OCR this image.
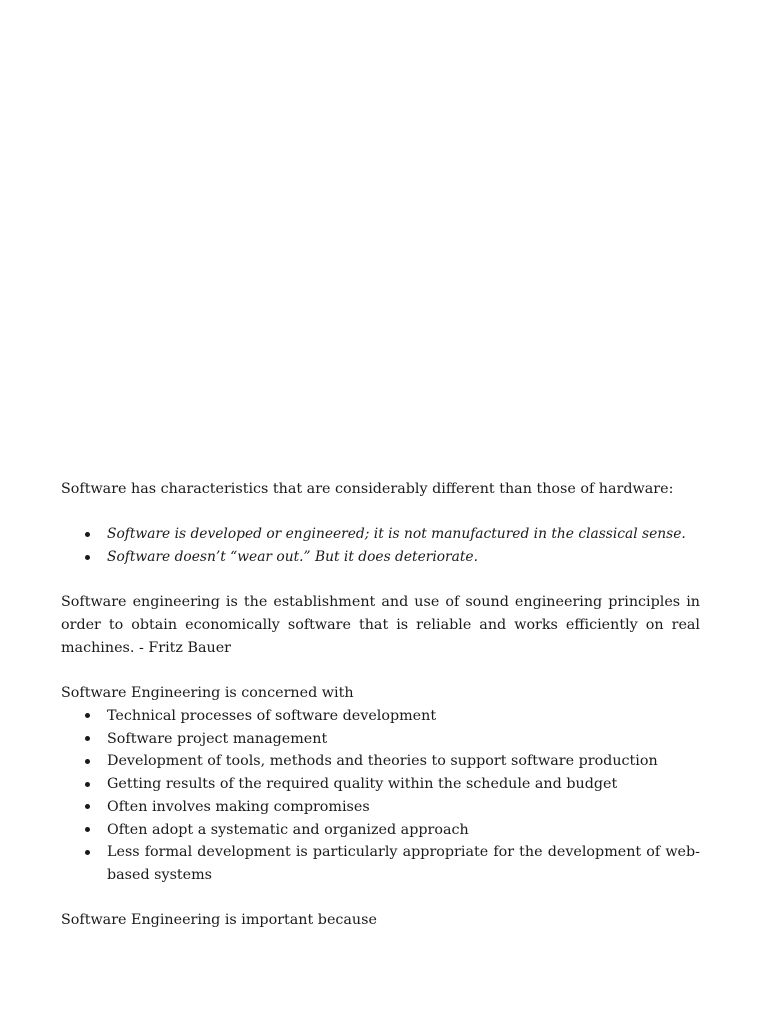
Software has characteristics that are considerably different than those of hardware:

Software is developed or engineered; it is not manufactured in the classical sense.
Software doesn’t “wear out.” But it does deteriorate.

Software engineering is the establishment and use of sound engineering principles in order to obtain economically software that is reliable and works efficiently on real machines. - Fritz Bauer

Software Engineering is concerned with

Technical processes of software development
Software project management
Development of tools, methods and theories to support software production
Getting results of the required quality within the schedule and budget
Often involves making compromises
Often adopt a systematic and organized approach
Less formal development is particularly appropriate for the development of web-based systems

Software Engineering is important because
